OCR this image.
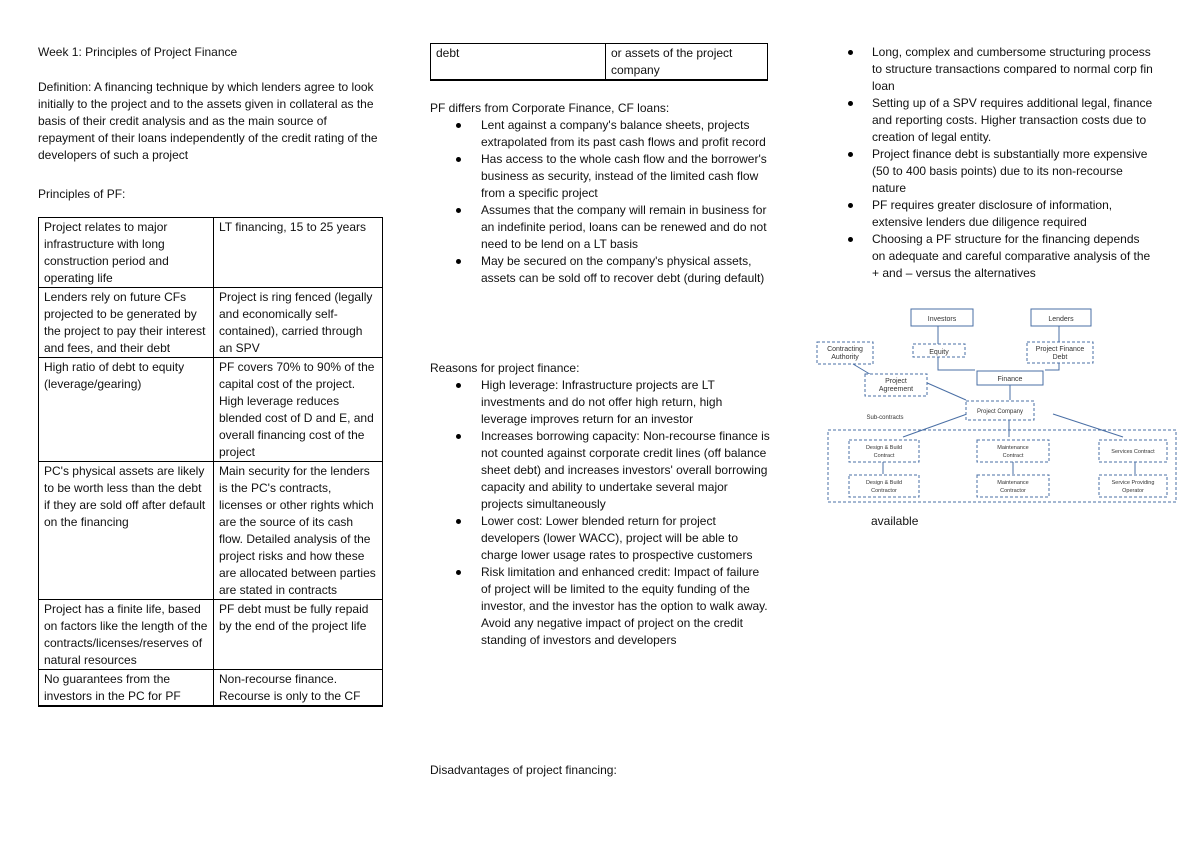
Week 1: Principles of Project Finance

Definition: A financing technique by which lenders agree to look initially to the project and to the assets given in collateral as the basis of their credit analysis and as the main source of repayment of their loans independently of the credit rating of the developers of such a project

Principles of PF:

Project relates to major infrastructure with long construction period and operating life	LT financing, 15 to 25 years
Lenders rely on future CFs projected to be generated by the project to pay their interest and fees, and their debt	Project is ring fenced (legally and economically self-contained), carried through an SPV
High ratio of debt to equity (leverage/gearing)	PF covers 70% to 90% of the capital cost of the project. High leverage reduces blended cost of D and E, and overall financing cost of the project
PC's physical assets are likely to be worth less than the debt if they are sold off after default on the financing	Main security for the lenders is the PC's contracts, licenses or other rights which are the source of its cash flow. Detailed analysis of the project risks and how these are allocated between parties are stated in contracts
Project has a finite life, based on factors like the length of the contracts/licenses/reserves of natural resources	PF debt must be fully repaid by the end of the project life
No guarantees from the investors in the PC for PF	Non-recourse finance. Recourse is only to the CF
debt	or assets of the project company

PF differs from Corporate Finance, CF loans:

Lent against a company's balance sheets, projects extrapolated from its past cash flows and profit record
Has access to the whole cash flow and the borrower's business as security, instead of the limited cash flow from a specific project
Assumes that the company will remain in business for an indefinite period, loans can be renewed and do not need to be lend on a LT basis
May be secured on the company's physical assets, assets can be sold off to recover debt (during default)

Reasons for project finance:

High leverage: Infrastructure projects are LT investments and do not offer high return, high leverage improves return for an investor
Increases borrowing capacity: Non-recourse finance is not counted against corporate credit lines (off balance sheet debt) and increases investors' overall borrowing capacity and ability to undertake several major projects simultaneously
Lower cost: Lower blended return for project developers (lower WACC), project will be able to charge lower usage rates to prospective customers
Risk limitation and enhanced credit: Impact of failure of project will be limited to the equity funding of the investor, and the investor has the option to walk away. Avoid any negative impact of project on the credit standing of investors and developers

Disadvantages of project financing:

Long, complex and cumbersome structuring process to structure transactions compared to normal corp fin loan
Setting up of a SPV requires additional legal, finance and reporting costs. Higher transaction costs due to creation of legal entity.
Project finance debt is substantially more expensive (50 to 400 basis points) due to its non-recourse nature
PF requires greater disclosure of information, extensive lenders due diligence required
Choosing a PF structure for the financing depends on adequate and careful comparative analysis of the + and – versus the alternatives

available

Investors	Lenders
Equity	Project Finance
Debt
Contracting
Authority
Project
Agreement
Finance
Project Company
Sub-contracts
Design & Build
Contract
Maintenance
Contract
Services Contract
Design & Build
Contractor
Maintenance
Contractor
Service Providing
Operator
